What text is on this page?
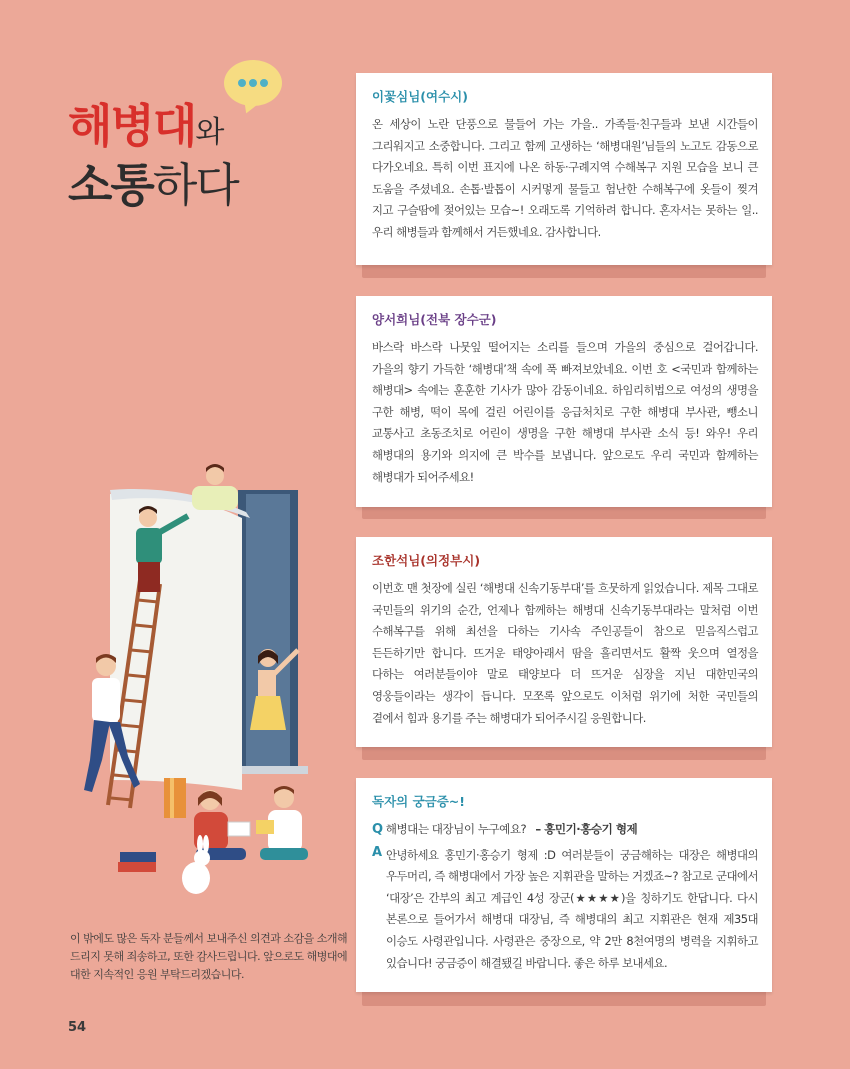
해병대와
소통하다
이꽃심님(여수시)
온 세상이 노란 단풍으로 물들어 가는 가을.. 가족들·친구들과 보낸 시간들이 그리워지고 소중합니다. 그리고 함께 고생하는 ‘해병대원’님들의 노고도 감동으로 다가오네요. 특히 이번 표지에 나온 하동·구례지역 수해복구 지원 모습을 보니 큰 도움을 주셨네요. 손톱·발톱이 시커멓게 물들고 험난한 수해복구에 옷들이 찢겨 지고 구슬땀에 젖어있는 모습~! 오래도록 기억하려 합니다. 혼자서는 못하는 일.. 우리 해병들과 함께해서 거든했네요. 감사합니다.
양서희님(전북 장수군)
바스락 바스락 나뭇잎 떨어지는 소리를 들으며 가을의 중심으로 걸어갑니다. 가을의 향기 가득한 ‘해병대’책 속에 푹 빠져보았네요. 이번 호 <국민과 함께하는 해병대> 속에는 훈훈한 기사가 많아 감동이네요. 하임리히법으로 여성의 생명을 구한 해병, 떡이 목에 걸린 어린이를 응급처치로 구한 해병대 부사관, 뺑소니 교통사고 초동조치로 어린이 생명을 구한 해병대 부사관 소식 등! 와우! 우리 해병대의 용기와 의지에 큰 박수를 보냅니다. 앞으로도 우리 국민과 함께하는 해병대가 되어주세요!
조한석님(의정부시)
이번호 맨 첫장에 실린 ‘해병대 신속기동부대’를 흐뭇하게 읽었습니다. 제목 그대로 국민들의 위기의 순간, 언제나 함께하는 해병대 신속기동부대라는 말처럼 이번 수해복구를 위해 최선을 다하는 기사속 주인공들이 참으로 믿음직스럽고 든든하기만 합니다. 뜨거운 태양아래서 땀을 흘리면서도 활짝 웃으며 열정을 다하는 여러분들이야 말로 태양보다 더 뜨거운 심장을 지닌 대한민국의 영웅들이라는 생각이 듭니다. 모쪼록 앞으로도 이처럼 위기에 처한 국민들의 곁에서 힘과 용기를 주는 해병대가 되어주시길 응원합니다.
독자의 궁금증~!
Q 해병대는 대장님이 누구예요? – 홍민기·홍승기 형제
A 안녕하세요 홍민기·홍승기 형제 :D 여러분들이 궁금해하는 대장은 해병대의 우두머리, 즉 해병대에서 가장 높은 지휘관을 말하는 거겠죠~? 참고로 군대에서 ‘대장’은 간부의 최고 계급인 4성 장군(★★★★)을 칭하기도 한답니다. 다시 본론으로 들어가서 해병대 대장님, 즉 해병대의 최고 지휘관은 현재 제35대 이승도 사령관입니다. 사령관은 중장으로, 약 2만 8천여명의 병력을 지휘하고 있습니다! 궁금증이 해결됐길 바랍니다. 좋은 하루 보내세요.
이 밖에도 많은 독자 분들께서 보내주신 의견과 소감을 소개해드리지 못해 죄송하고, 또한 감사드립니다. 앞으로도 해병대에 대한 지속적인 응원 부탁드리겠습니다.
54
